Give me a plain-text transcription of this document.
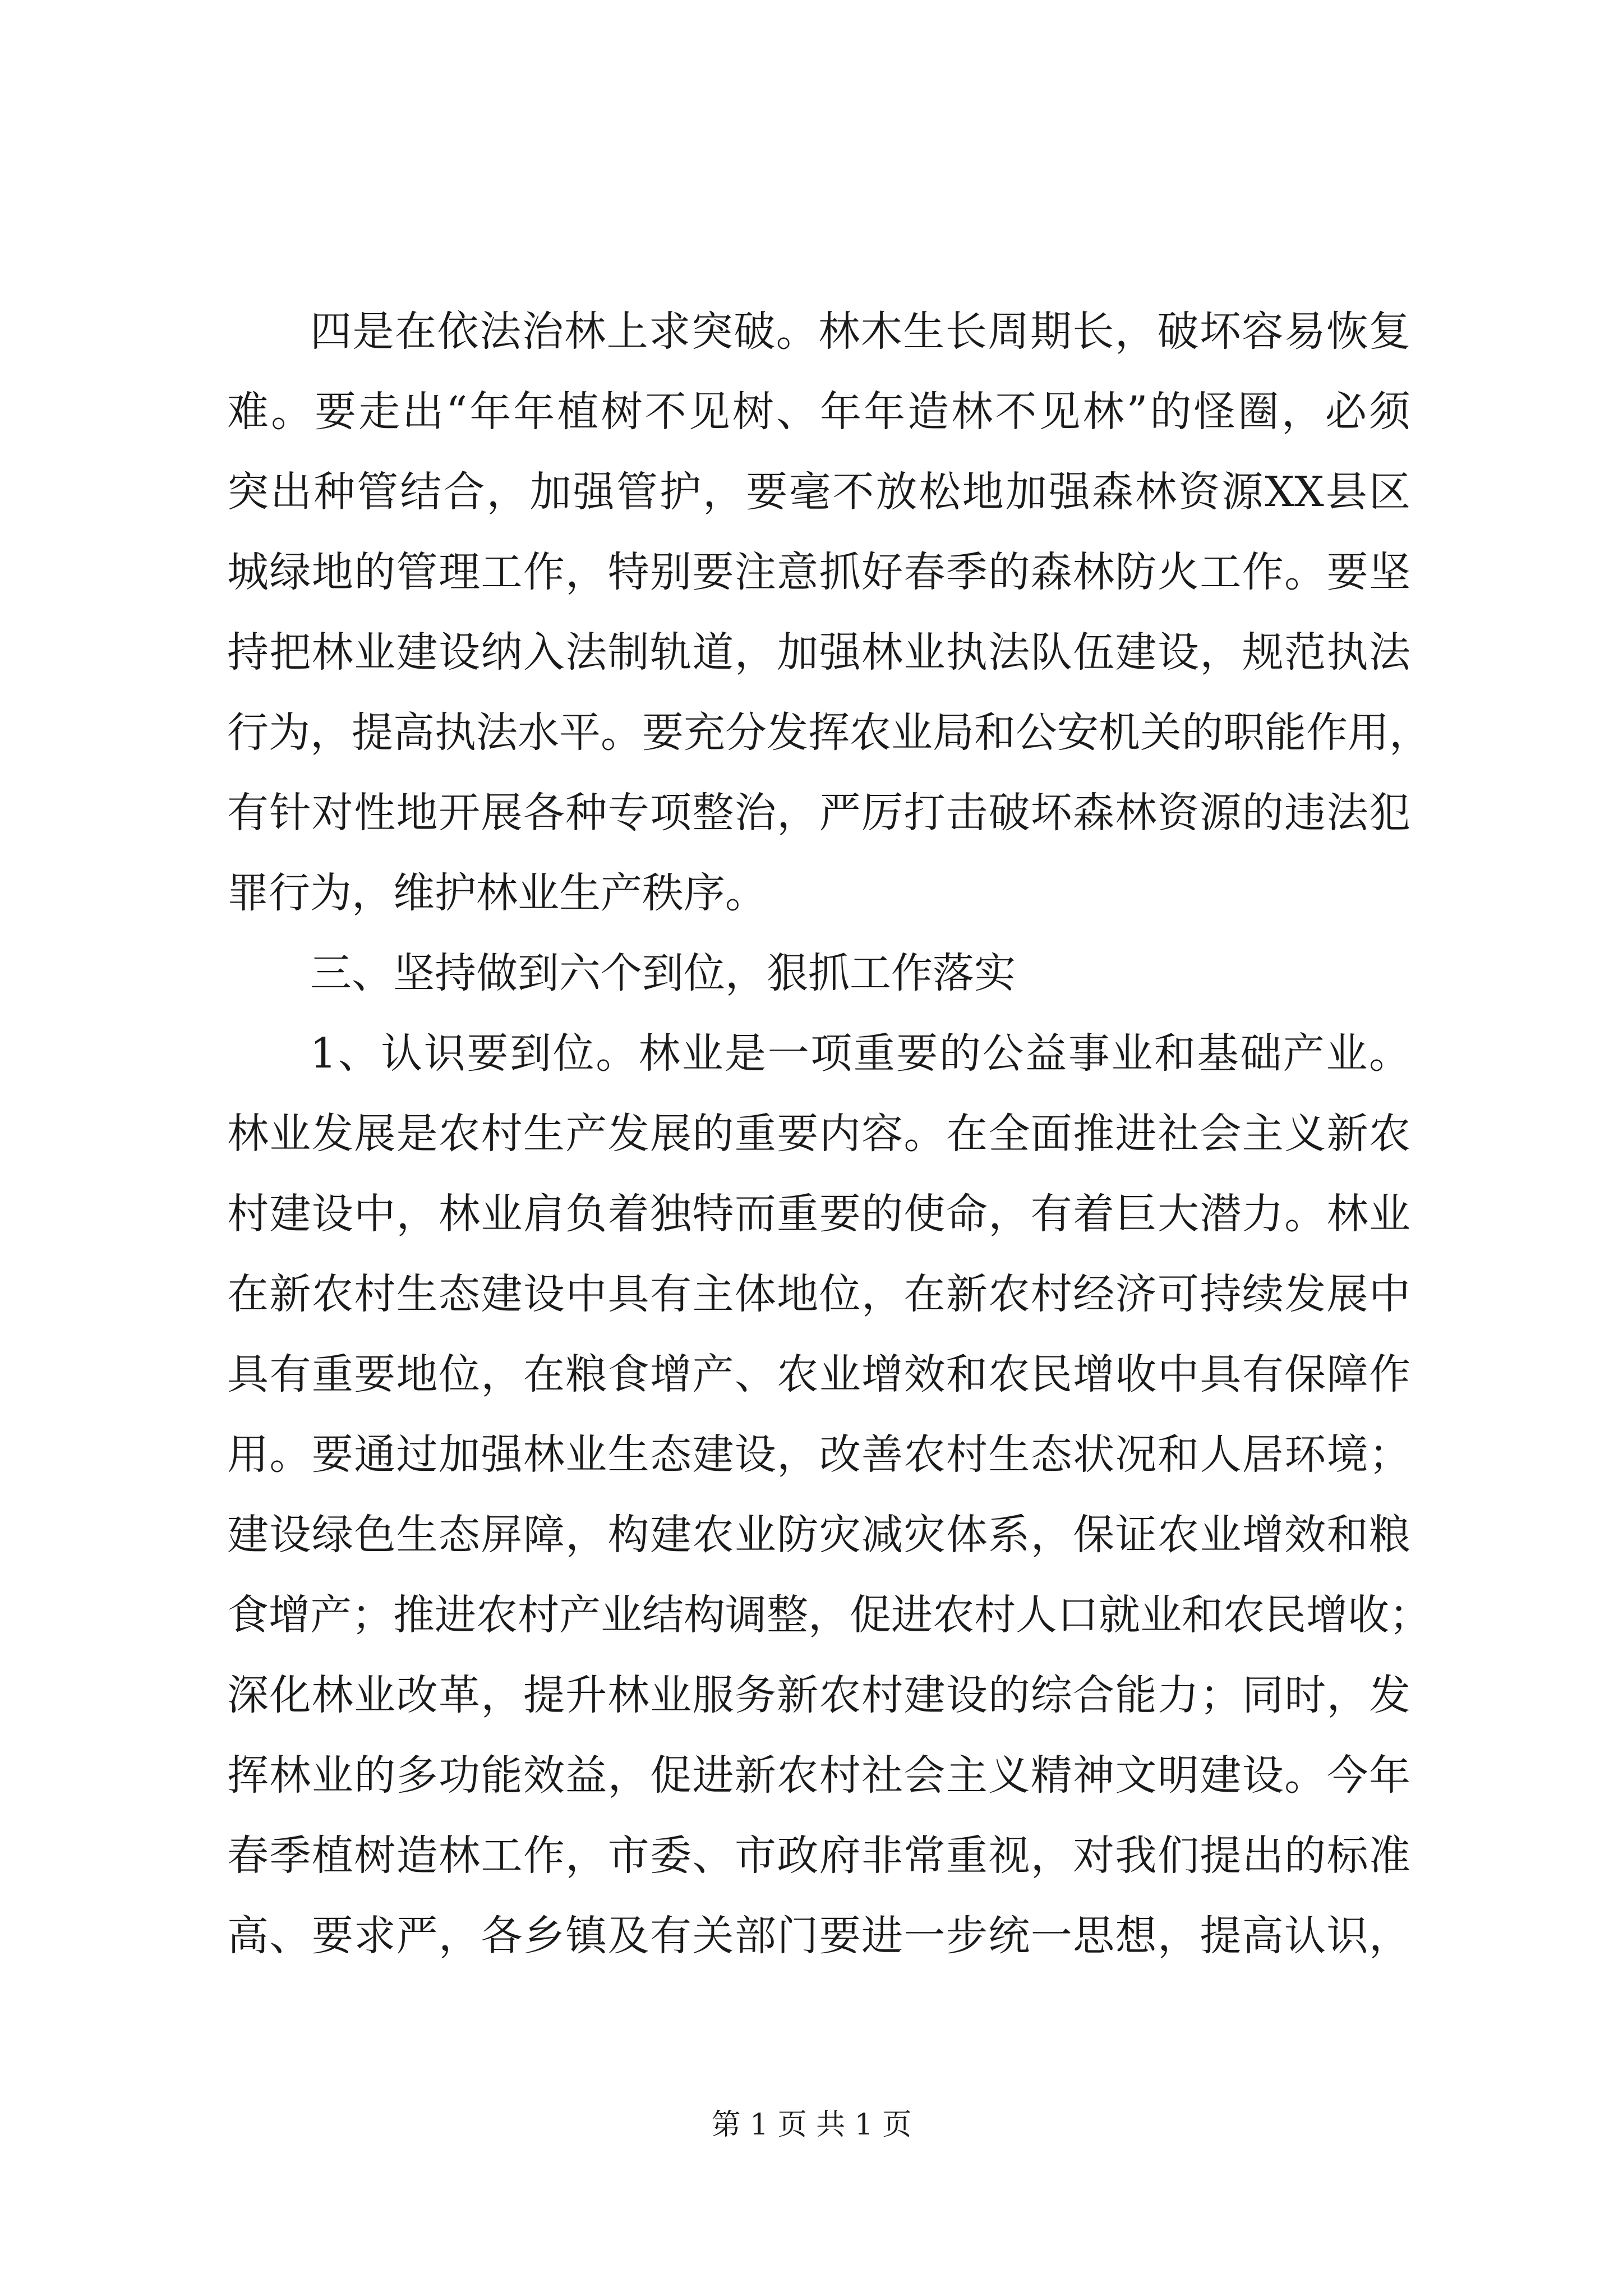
四是在依法治林上求突破。林木生长周期长，破坏容易恢复
难。要走出“年年植树不见树、年年造林不见林”的怪圈，必须
突出种管结合，加强管护，要毫不放松地加强森林资源XX县区
城绿地的管理工作，特别要注意抓好春季的森林防火工作。要坚
持把林业建设纳入法制轨道，加强林业执法队伍建设，规范执法
行为，提高执法水平。要充分发挥农业局和公安机关的职能作用，
有针对性地开展各种专项整治，严厉打击破坏森林资源的违法犯
罪行为，维护林业生产秩序。
三、坚持做到六个到位，狠抓工作落实
1、认识要到位。林业是一项重要的公益事业和基础产业。
林业发展是农村生产发展的重要内容。在全面推进社会主义新农
村建设中，林业肩负着独特而重要的使命，有着巨大潜力。林业
在新农村生态建设中具有主体地位，在新农村经济可持续发展中
具有重要地位，在粮食增产、农业增效和农民增收中具有保障作
用。要通过加强林业生态建设，改善农村生态状况和人居环境；
建设绿色生态屏障，构建农业防灾减灾体系，保证农业增效和粮
食增产；推进农村产业结构调整，促进农村人口就业和农民增收；
深化林业改革，提升林业服务新农村建设的综合能力；同时，发
挥林业的多功能效益，促进新农村社会主义精神文明建设。今年
春季植树造林工作，市委、市政府非常重视，对我们提出的标准
高、要求严，各乡镇及有关部门要进一步统一思想，提高认识，
第 1 页 共 1 页
